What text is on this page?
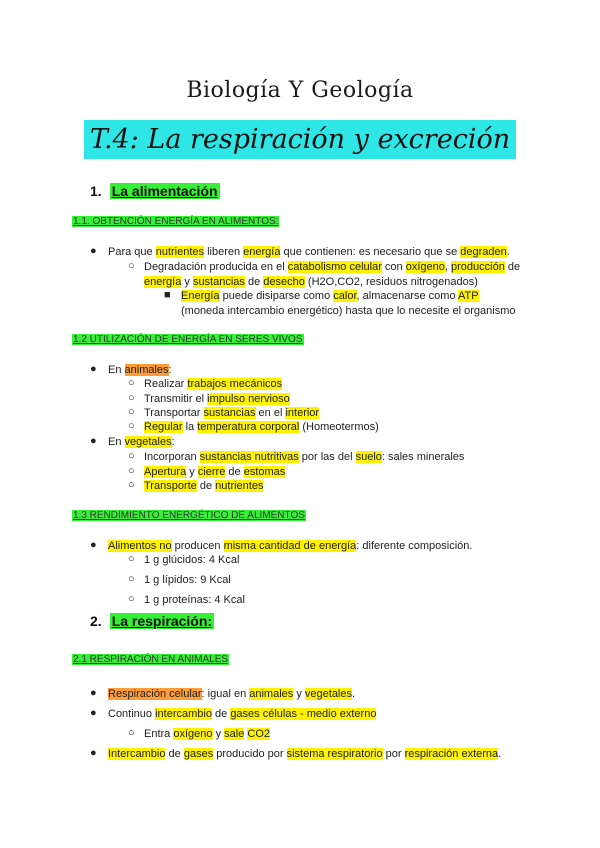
Biología Y Geología
T.4: La respiración y excreción
1. La alimentación
1.1. OBTENCIÓN ENERGÍA EN ALIMENTOS:
● Para que nutrientes liberen energía que contienen: es necesario que se degraden.
○ Degradación producida en el catabolismo celular con oxígeno, producción de
energía y sustancias de desecho (H2O,CO2, residuos nitrogenados)
■ Energía puede disiparse como calor, almacenarse como ATP
(moneda intercambio energético) hasta que lo necesite el organismo
1.2 UTILIZACIÓN DE ENERGÍA EN SERES VIVOS
● En animales:
○ Realizar trabajos mecánicos
○ Transmitir el impulso nervioso
○ Transportar sustancias en el interior
○ Regular la temperatura corporal (Homeotermos)
● En vegetales:
○ Incorporan sustancias nutritivas por las del suelo: sales minerales
○ Apertura y cierre de estomas
○ Transporte de nutrientes
1.3 RENDIMIENTO ENERGÉTICO DE ALIMENTOS
● Alimentos no producen misma cantidad de energía: diferente composición.
○ 1 g glúcidos: 4 Kcal
○ 1 g lípidos: 9 Kcal
○ 1 g proteínas: 4 Kcal
2. La respiración:
2.1 RESPIRACIÓN EN ANIMALES
● Respiración celular: igual en animales y vegetales.
● Continuo intercambio de gases células - medio externo
○ Entra oxígeno y sale CO2
● Intercambio de gases producido por sistema respiratorio por respiración externa.
